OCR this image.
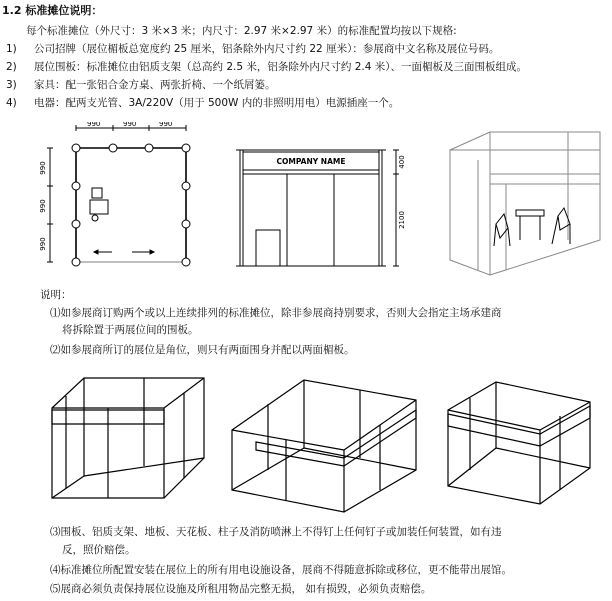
1.2 标准摊位说明：
每个标准摊位（外尺寸：3 米×3 米；内尺寸：2.97 米×2.97 米）的标准配置均按以下规格:
1) 公司招牌（展位楣板总宽度约 25 厘米，铝条除外内尺寸约 22 厘米）：参展商中文名称及展位号码。
2) 展位围板：标准摊位由铝质支架（总高约 2.5 米，铝条除外内尺寸约 2.4 米）、一面楣板及三面围板组成。
3) 家具：配一张铝合金方桌、两张折椅、一个纸屑篓。
4) 电器：配两支光管、3A/220V（用于 500W 内的非照明用电）电源插座一个。
990	990	990
990
990
990
COMPANY NAME	400
2100
说明：
⑴如参展商订购两个或以上连续排列的标准摊位，除非参展商持别要求，否则大会指定主场承建商
将拆除置于两展位间的围板。
⑵如参展商所订的展位是角位，则只有两面围身并配以两面楣板。
⑶围板、铝质支架、地板、天花板、柱子及消防喷淋上不得钉上任何钉子或加装任何装置，如有违
反，照价赔偿。
⑷标准摊位所配置安装在展位上的所有用电设施设备，展商不得随意拆除或移位，更不能带出展馆。
⑸展商必须负责保持展位设施及所租用物品完整无损， 如有损毁，必须负责赔偿。
